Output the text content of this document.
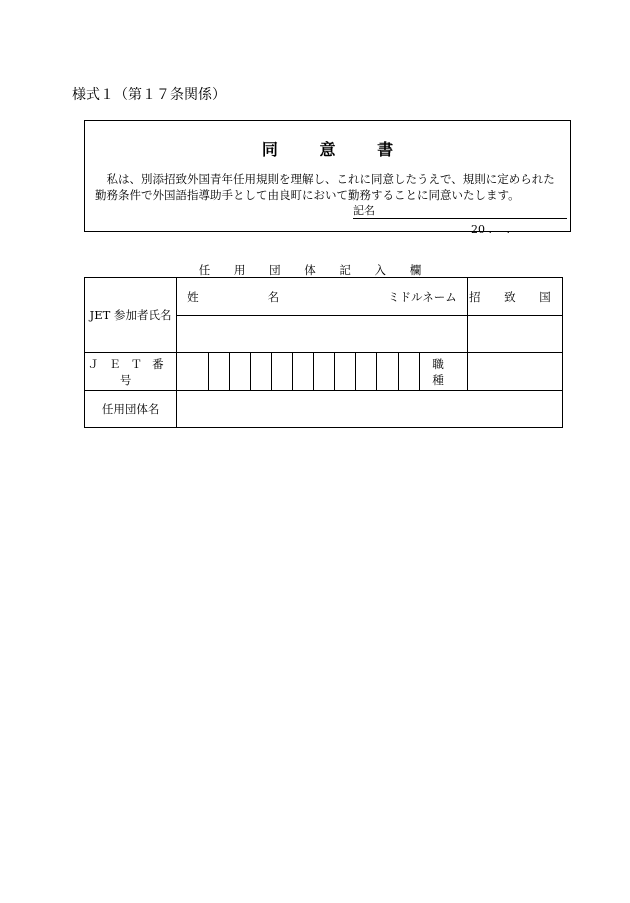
様式１（第１７条関係）
同 意 書
私は、別添招致外国青年任用規則を理解し、これに同意したうえで、規則に定められた勤務条件で外国語指導助手として由良町において勤務することに同意いたします。
記名
20 .　 .
任 用 団 体 記 入 欄
JET 参加者氏名	姓 名 ミドルネーム												招 致 国

ＪＥＴ番号												職 種	
任用団体名													
